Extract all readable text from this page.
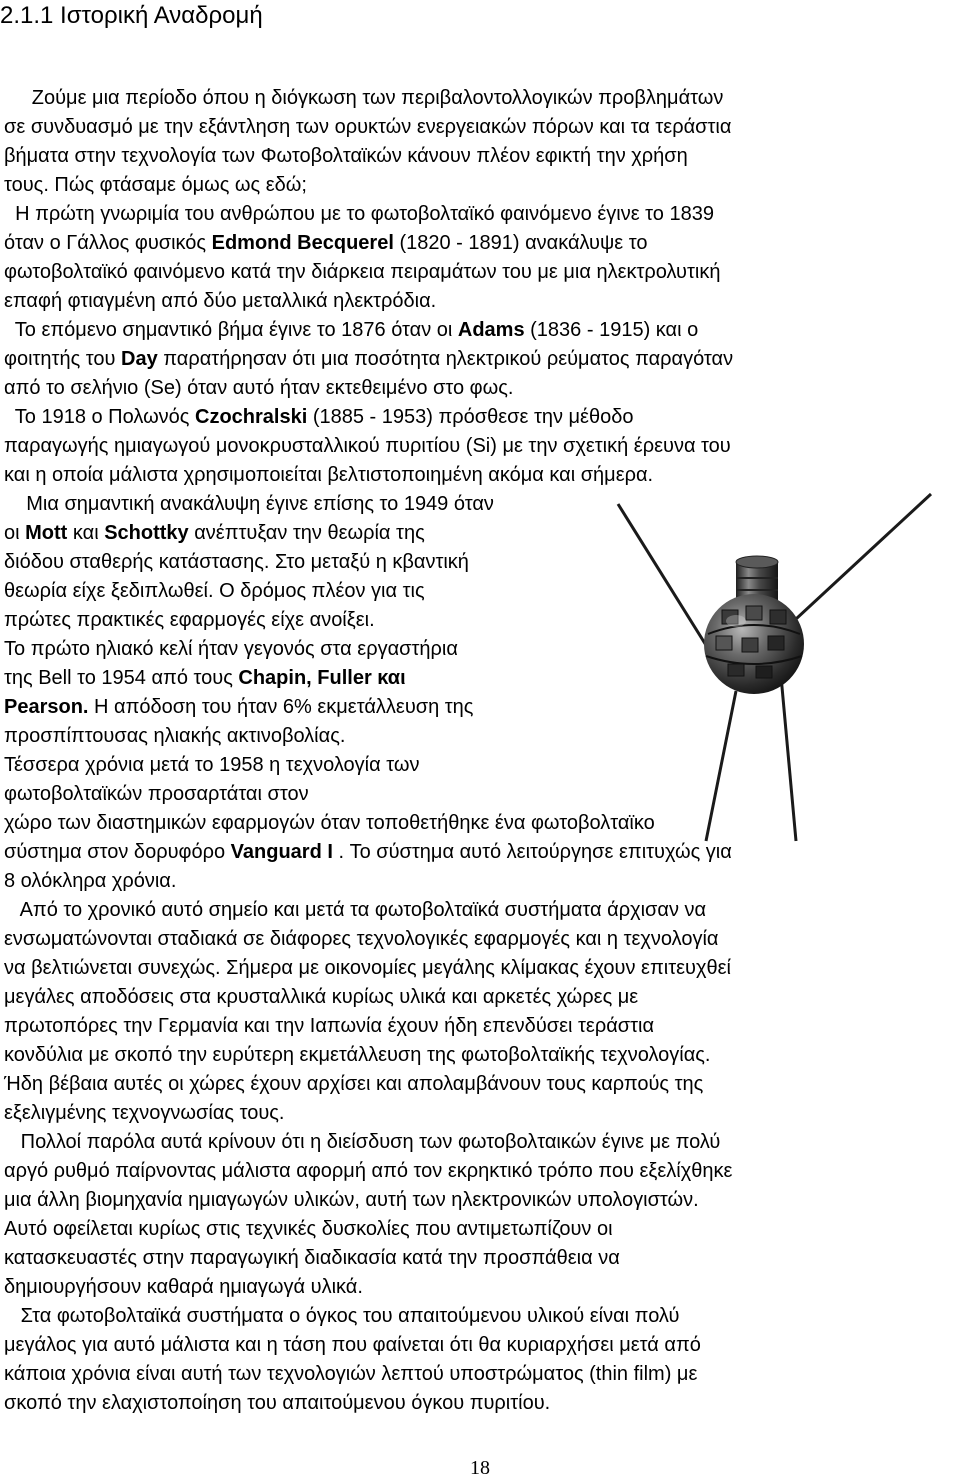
2.1.1 Ιστορική Αναδρομή
Ζούμε μια περίοδο όπου η διόγκωση των περιβαλοντολλογικών προβλημάτων
σε συνδυασμό με την εξάντληση των ορυκτών ενεργειακών πόρων και τα τεράστια
βήματα στην τεχνολογία των Φωτοβολταϊκών κάνουν πλέον εφικτή την χρήση
τους. Πώς φτάσαμε όμως ως εδώ;
Η πρώτη γνωριμία του ανθρώπου με το φωτοβολταϊκό φαινόμενο έγινε το 1839
όταν ο Γάλλος φυσικός Edmond Becquerel (1820 - 1891) ανακάλυψε το
φωτοβολταϊκό φαινόμενο κατά την διάρκεια πειραμάτων του με μια ηλεκτρολυτική
επαφή φτιαγμένη από δύο μεταλλικά ηλεκτρόδια.
Το επόμενο σημαντικό βήμα έγινε το 1876 όταν οι Adams (1836 - 1915) και ο
φοιτητής του Day παρατήρησαν ότι μια ποσότητα ηλεκτρικού ρεύματος παραγόταν
από το σελήνιο (Se) όταν αυτό ήταν εκτεθειμένο στο φως.
Το 1918 ο Πολωνός Czochralski (1885 - 1953) πρόσθεσε την μέθοδο
παραγωγής ημιαγωγού μονοκρυσταλλικού πυριτίου (Si) με την σχετική έρευνα του
και η οποία μάλιστα χρησιμοποιείται βελτιστοποιημένη ακόμα και σήμερα.
Μια σημαντική ανακάλυψη έγινε επίσης το 1949 όταν
οι Mott και Schottky ανέπτυξαν την θεωρία της
διόδου σταθερής κατάστασης. Στο μεταξύ η κβαντική
θεωρία είχε ξεδιπλωθεί. Ο δρόμος πλέον για τις
πρώτες πρακτικές εφαρμογές είχε ανοίξει.
Το πρώτο ηλιακό κελί ήταν γεγονός στα εργαστήρια
της Bell το 1954 από τους Chapin, Fuller και
Pearson. Η απόδοση του ήταν 6% εκμετάλλευση της
προσπίπτουσας ηλιακής ακτινοβολίας.
Τέσσερα χρόνια μετά το 1958 η τεχνολογία των
φωτοβολταϊκών προσαρτάται στον
χώρο των διαστημικών εφαρμογών όταν τοποθετήθηκε ένα φωτοβολταϊκο
σύστημα στον δορυφόρο Vanguard I . Το σύστημα αυτό λειτούργησε επιτυχώς για
8 ολόκληρα χρόνια.
Από το χρονικό αυτό σημείο και μετά τα φωτοβολταϊκά συστήματα άρχισαν να
ενσωματώνονται σταδιακά σε διάφορες τεχνολογικές εφαρμογές και η τεχνολογία
να βελτιώνεται συνεχώς. Σήμερα με οικονομίες μεγάλης κλίμακας έχουν επιτευχθεί
μεγάλες αποδόσεις στα κρυσταλλικά κυρίως υλικά και αρκετές χώρες με
πρωτοπόρες την Γερμανία και την Ιαπωνία έχουν ήδη επενδύσει τεράστια
κονδύλια με σκοπό την ευρύτερη εκμετάλλευση της φωτοβολταϊκής τεχνολογίας.
Ήδη βέβαια αυτές οι χώρες έχουν αρχίσει και απολαμβάνουν τους καρπούς της
εξελιγμένης τεχνογνωσίας τους.
Πολλοί παρόλα αυτά κρίνουν ότι η διείσδυση των φωτοβολταικών έγινε με πολύ
αργό ρυθμό παίρνοντας μάλιστα αφορμή από τον εκρηκτικό τρόπο που εξελίχθηκε
μια άλλη βιομηχανία ημιαγωγών υλικών, αυτή των ηλεκτρονικών υπολογιστών.
Αυτό οφείλεται κυρίως στις τεχνικές δυσκολίες που αντιμετωπίζουν οι
κατασκευαστές στην παραγωγική διαδικασία κατά την προσπάθεια να
δημιουργήσουν καθαρά ημιαγωγά υλικά.
Στα φωτοβολταϊκά συστήματα ο όγκος του απαιτούμενου υλικού είναι πολύ
μεγάλος για αυτό μάλιστα και η τάση που φαίνεται ότι θα κυριαρχήσει μετά από
κάποια χρόνια είναι αυτή των τεχνολογιών λεπτού υποστρώματος (thin film) με
σκοπό την ελαχιστοποίηση του απαιτούμενου όγκου πυριτίου.
18
